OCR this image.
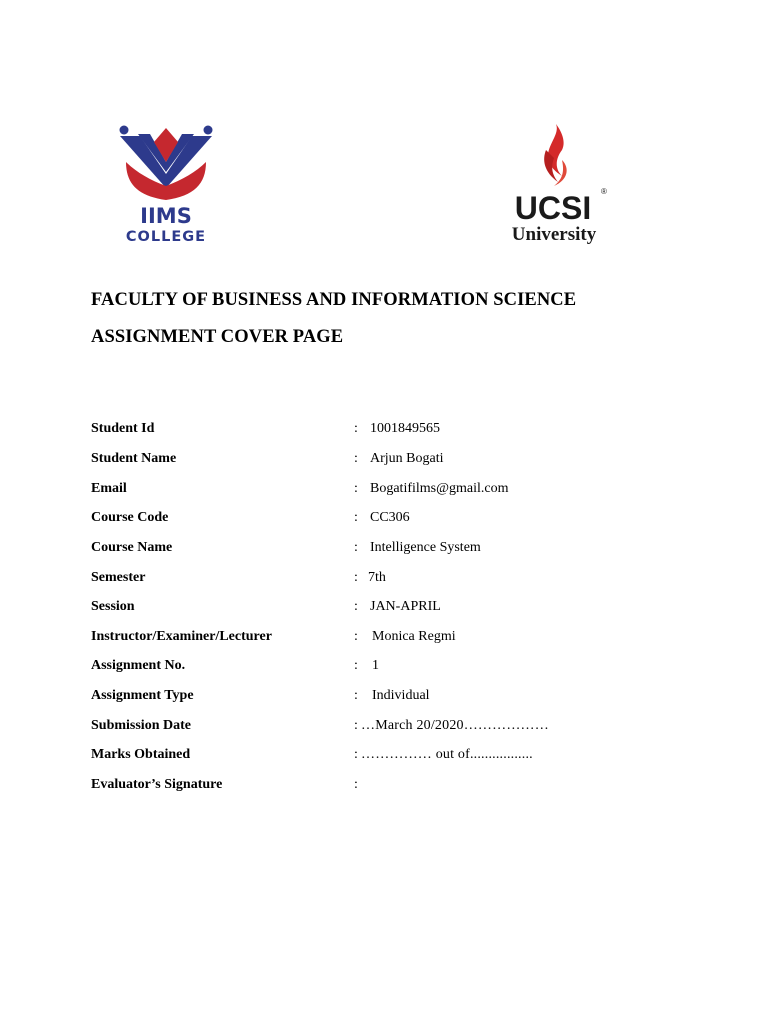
IIMS
COLLEGE
UCSI ®
University
FACULTY OF BUSINESS AND INFORMATION SCIENCE
ASSIGNMENT COVER PAGE
Student Id	: 1001849565
Student Name	: Arjun Bogati
Email	: Bogatifilms@gmail.com
Course Code	: CC306
Course Name	: Intelligence System
Semester	: 7th
Session	: JAN-APRIL
Instructor/Examiner/Lecturer	: Monica Regmi
Assignment No.	: 1
Assignment Type	: Individual
Submission Date	: …March 20/2020………………
Marks Obtained	: …………… out of.................
Evaluator’s Signature	:
